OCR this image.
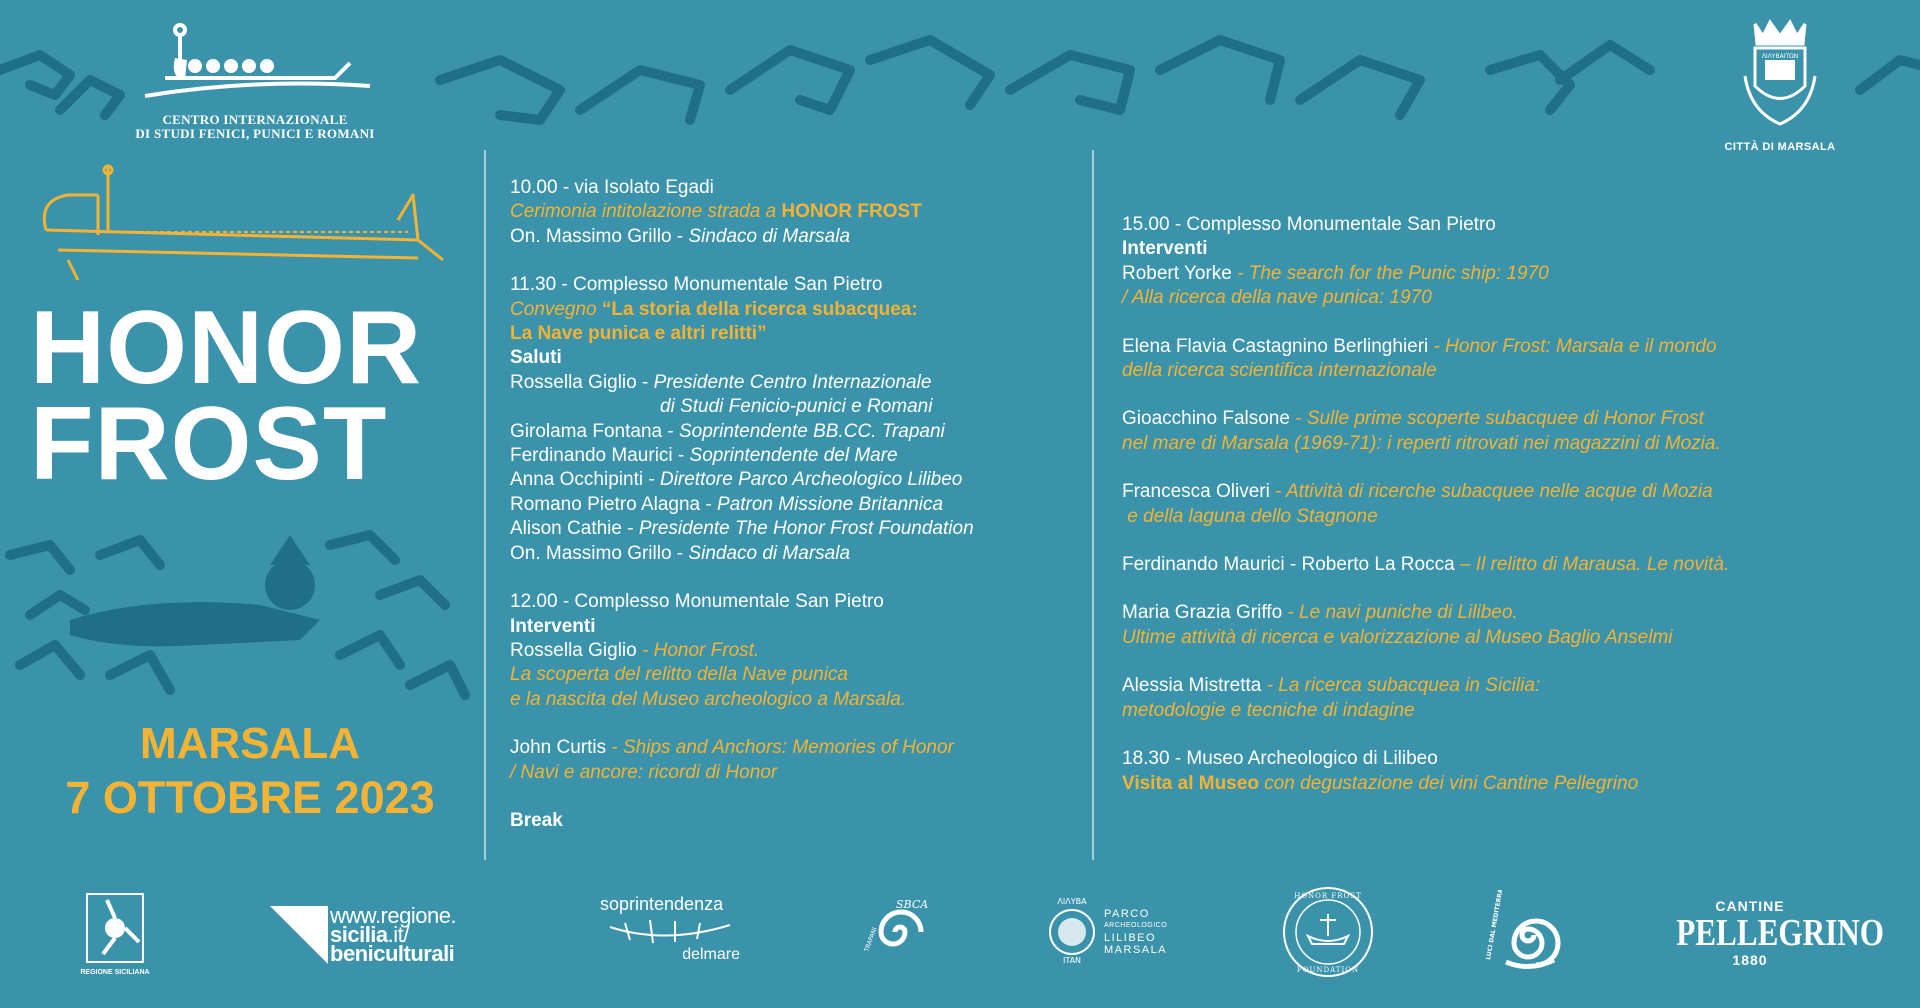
CENTRO INTERNAZIONALE
DI STUDI FENICI, PUNICI E ROMANI
ΛΙΛΥΒΑΙΤΩΝ
CITTÀ DI MARSALA
HONOR
FROST
MARSALA
7 OTTOBRE 2023

10.00 - via Isolato Egadi

Cerimonia intitolazione strada a HONOR FROST

On. Massimo Grillo - Sindaco di Marsala

11.30 - Complesso Monumentale San Pietro

Convegno “La storia della ricerca subacquea:

La Nave punica e altri relitti”

Saluti

Rossella Giglio - Presidente Centro Internazionale

di Studi Fenicio-punici e Romani

Girolama Fontana - Soprintendente BB.CC. Trapani

Ferdinando Maurici - Soprintendente del Mare

Anna Occhipinti - Direttore Parco Archeologico Lilibeo

Romano Pietro Alagna - Patron Missione Britannica

Alison Cathie - Presidente The Honor Frost Foundation

On. Massimo Grillo - Sindaco di Marsala

12.00 - Complesso Monumentale San Pietro

Interventi

Rossella Giglio - Honor Frost.

La scoperta del relitto della Nave punica

e la nascita del Museo archeologico a Marsala.

John Curtis - Ships and Anchors: Memories of Honor

/ Navi e ancore: ricordi di Honor

Break

15.00 - Complesso Monumentale San Pietro

Interventi

Robert Yorke - The search for the Punic ship: 1970

/ Alla ricerca della nave punica: 1970

Elena Flavia Castagnino Berlinghieri - Honor Frost: Marsala e il mondo

della ricerca scientifica internazionale

Gioacchino Falsone - Sulle prime scoperte subacquee di Honor Frost

nel mare di Marsala (1969-71): i reperti ritrovati nei magazzini di Mozia.

Francesca Oliveri - Attività di ricerche subacquee nelle acque di Mozia

e della laguna dello Stagnone

Ferdinando Maurici - Roberto La Rocca – Il relitto di Marausa. Le novità.

Maria Grazia Griffo - Le navi puniche di Lilibeo.

Ultime attività di ricerca e valorizzazione al Museo Baglio Anselmi

Alessia Mistretta - La ricerca subacquea in Sicilia:

metodologie e tecniche di indagine

18.30 - Museo Archeologico di Lilibeo

Visita al Museo con degustazione dei vini Cantine Pellegrino

REGIONE SICILIANA
www.regione.
sicilia.it/
beniculturali
soprintendenza
delmare
SBCA
TRAPANI
ΛΙΛΥΒΑ
ITAN
PARCO
ARCHEOLOGICO
LILIBEO
MARSALA
HONOR FROST
FOUNDATION
LUCI DAL MEDITERRANEO	CANTINE
PELLEGRINO
1880
